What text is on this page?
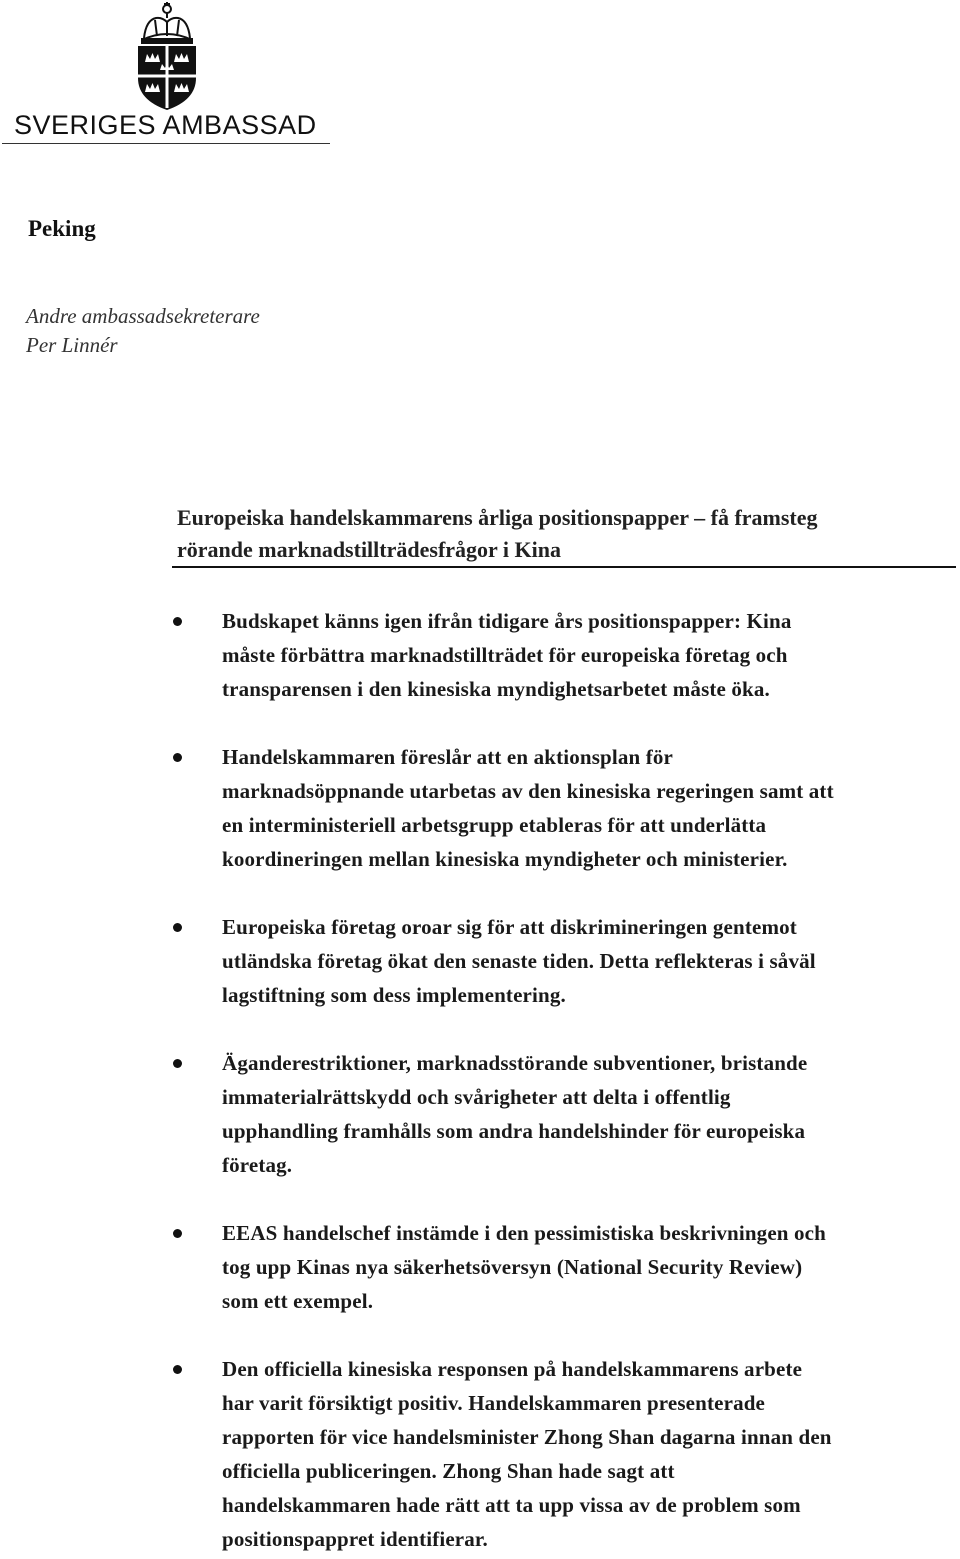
SVERIGES AMBASSAD
Peking
Andre ambassadsekreterare
Per Linnér
Europeiska handelskammarens årliga positionspapper – få framsteg
rörande marknadstillträdesfrågor i Kina
Budskapet känns igen ifrån tidigare års positionspapper: Kina
måste förbättra marknadstillträdet för europeiska företag och
transparensen i den kinesiska myndighetsarbetet måste öka.
Handelskammaren föreslår att en aktionsplan för
marknadsöppnande utarbetas av den kinesiska regeringen samt att
en interministeriell arbetsgrupp etableras för att underlätta
koordineringen mellan kinesiska myndigheter och ministerier.
Europeiska företag oroar sig för att diskrimineringen gentemot
utländska företag ökat den senaste tiden. Detta reflekteras i såväl
lagstiftning som dess implementering.
Äganderestriktioner, marknadsstörande subventioner, bristande
immaterialrättskydd och svårigheter att delta i offentlig
upphandling framhålls som andra handelshinder för europeiska
företag.
EEAS handelschef instämde i den pessimistiska beskrivningen och
tog upp Kinas nya säkerhetsöversyn (National Security Review)
som ett exempel.
Den officiella kinesiska responsen på handelskammarens arbete
har varit försiktigt positiv. Handelskammaren presenterade
rapporten för vice handelsminister Zhong Shan dagarna innan den
officiella publiceringen. Zhong Shan hade sagt att
handelskammaren hade rätt att ta upp vissa av de problem som
positionspappret identifierar.
